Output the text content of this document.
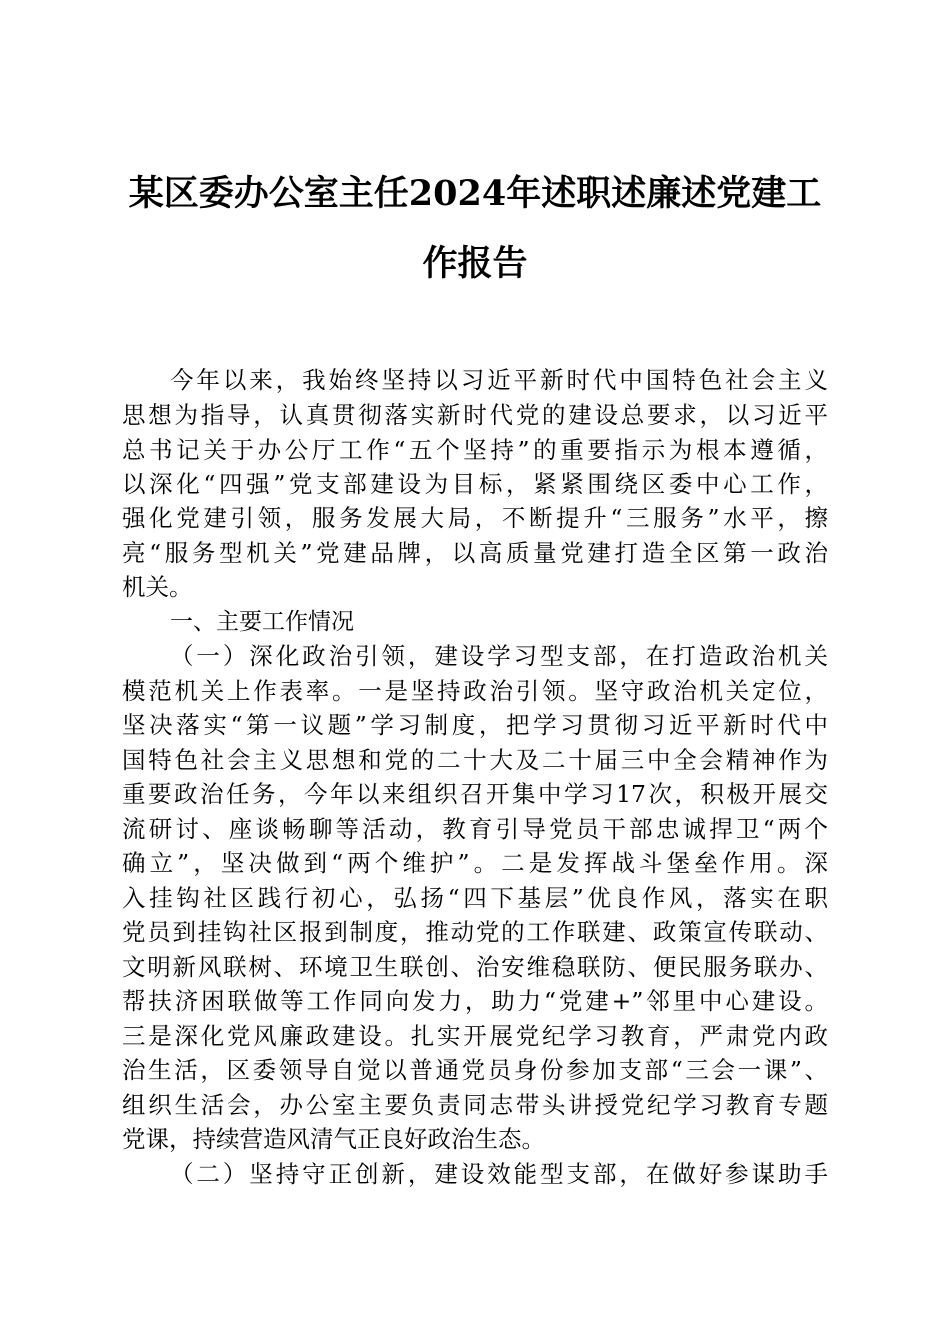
某区委办公室主任2024年述职述廉述党建工
作报告
今年以来，我始终坚持以习近平新时代中国特色社会主义
思想为指导，认真贯彻落实新时代党的建设总要求，以习近平
总书记关于办公厅工作“五个坚持”的重要指示为根本遵循，
以深化“四强”党支部建设为目标，紧紧围绕区委中心工作，
强化党建引领，服务发展大局，不断提升“三服务”水平，擦
亮“服务型机关”党建品牌，以高质量党建打造全区第一政治
机关。
一、主要工作情况
（一）深化政治引领，建设学习型支部，在打造政治机关
模范机关上作表率。一是坚持政治引领。坚守政治机关定位，
坚决落实“第一议题”学习制度，把学习贯彻习近平新时代中
国特色社会主义思想和党的二十大及二十届三中全会精神作为
重要政治任务，今年以来组织召开集中学习17次，积极开展交
流研讨、座谈畅聊等活动，教育引导党员干部忠诚捍卫“两个
确立”，坚决做到“两个维护”。二是发挥战斗堡垒作用。深
入挂钩社区践行初心，弘扬“四下基层”优良作风，落实在职
党员到挂钩社区报到制度，推动党的工作联建、政策宣传联动、
文明新风联树、环境卫生联创、治安维稳联防、便民服务联办、
帮扶济困联做等工作同向发力，助力“党建+”邻里中心建设。
三是深化党风廉政建设。扎实开展党纪学习教育，严肃党内政
治生活，区委领导自觉以普通党员身份参加支部“三会一课”、
组织生活会，办公室主要负责同志带头讲授党纪学习教育专题
党课，持续营造风清气正良好政治生态。
（二）坚持守正创新，建设效能型支部，在做好参谋助手
